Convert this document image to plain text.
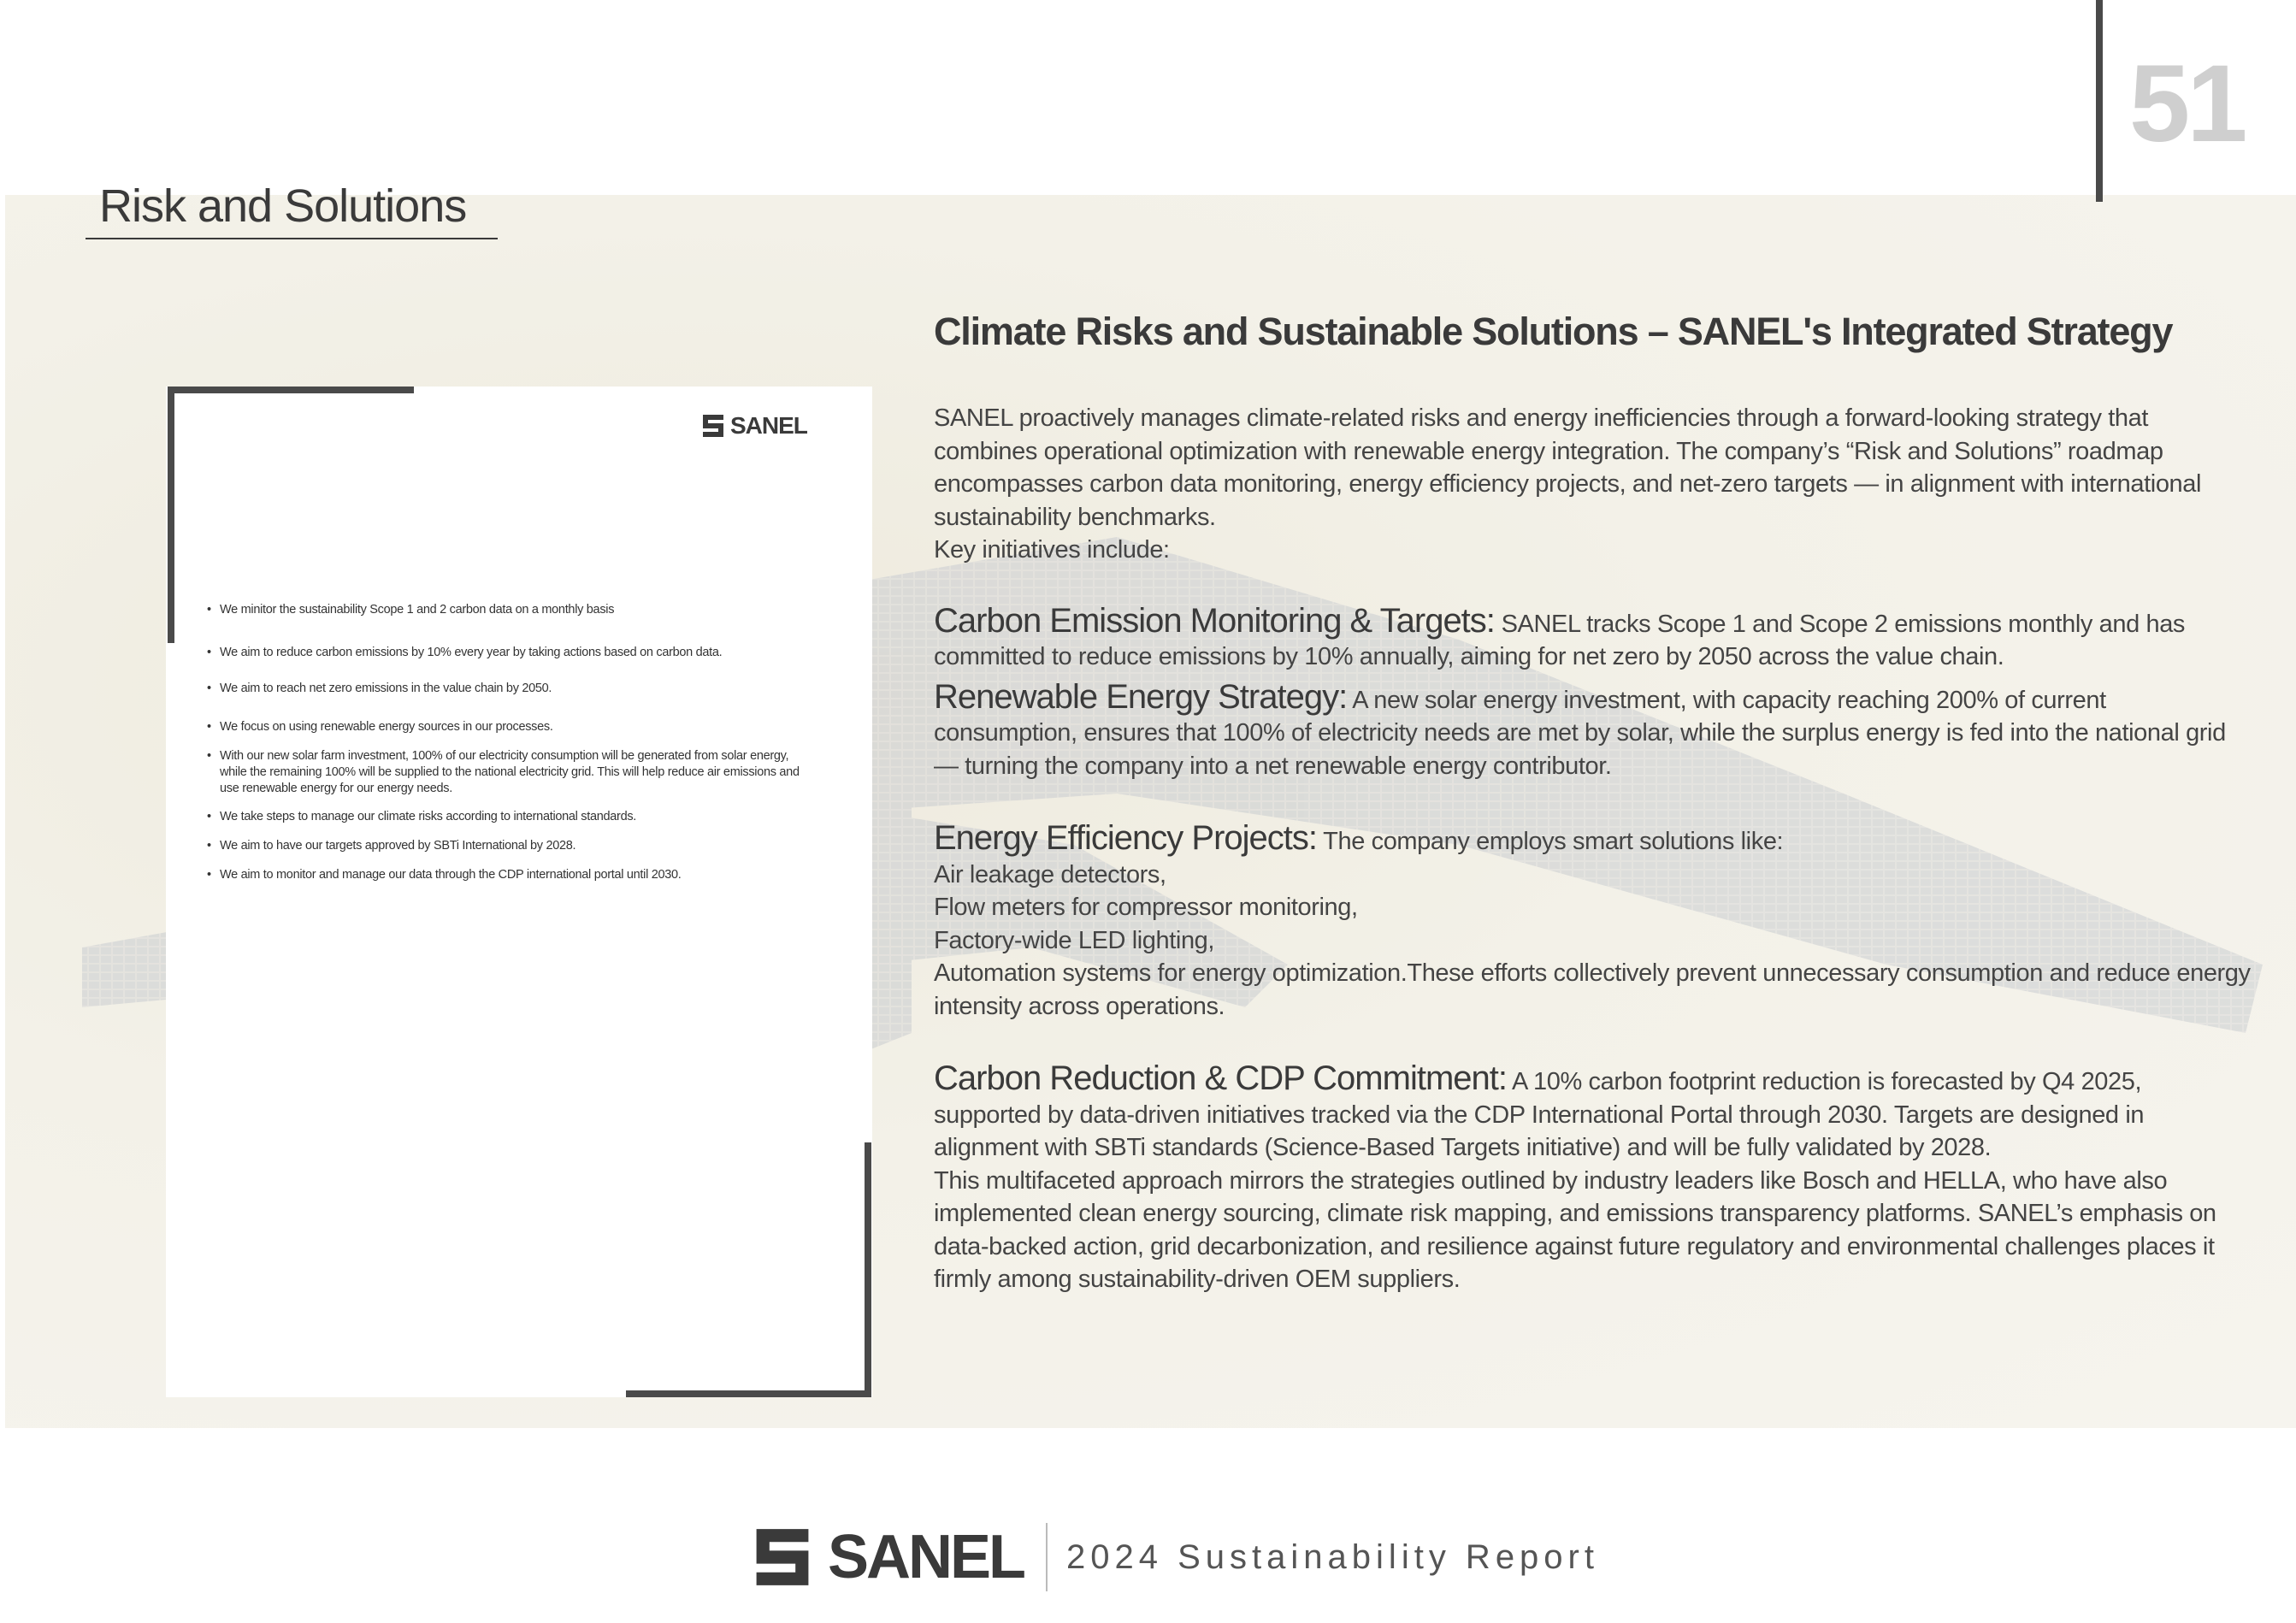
51
Risk and Solutions
SANEL
• We minitor the sustainability Scope 1 and 2 carbon data on a monthly basis
• We aim to reduce carbon emissions by 10% every year by taking actions based on carbon data.
• We aim to reach net zero emissions in the value chain by 2050.
• We focus on using renewable energy sources in our processes.
• With our new solar farm investment, 100% of our electricity consumption will be generated from solar energy, while the remaining 100% will be supplied to the national electricity grid. This will help reduce air emissions and use renewable energy for our energy needs.
• We take steps to manage our climate risks according to international standards.
• We aim to have our targets approved by SBTi International by 2028.
• We aim to monitor and manage our data through the CDP international portal until 2030.
Climate Risks and Sustainable Solutions – SANEL's Integrated Strategy

SANEL proactively manages climate-related risks and energy inefficiencies through a forward-looking strategy that combines operational optimization with renewable energy integration. The company’s “Risk and Solutions” roadmap encompasses carbon data monitoring, energy efficiency projects, and net-zero targets — in alignment with international sustainability benchmarks.

Key initiatives include:

Carbon Emission Monitoring & Targets: SANEL tracks Scope 1 and Scope 2 emissions monthly and has committed to reduce emissions by 10% annually, aiming for net zero by 2050 across the value chain.

Renewable Energy Strategy: A new solar energy investment, with capacity reaching 200% of current consumption, ensures that 100% of electricity needs are met by solar, while the surplus energy is fed into the national grid — turning the company into a net renewable energy contributor.

Energy Efficiency Projects: The company employs smart solutions like:

Air leakage detectors,

Flow meters for compressor monitoring,

Factory-wide LED lighting,

Automation systems for energy optimization.These efforts collectively prevent unnecessary consumption and reduce energy intensity across operations.

Carbon Reduction & CDP Commitment: A 10% carbon footprint reduction is forecasted by Q4 2025, supported by data-driven initiatives tracked via the CDP International Portal through 2030. Targets are designed in alignment with SBTi standards (Science-Based Targets initiative) and will be fully validated by 2028.

This multifaceted approach mirrors the strategies outlined by industry leaders like Bosch and HELLA, who have also implemented clean energy sourcing, climate risk mapping, and emissions transparency platforms. SANEL’s emphasis on data-backed action, grid decarbonization, and resilience against future regulatory and environmental challenges places it firmly among sustainability-driven OEM suppliers.

SANEL 2024 Sustainability Report
